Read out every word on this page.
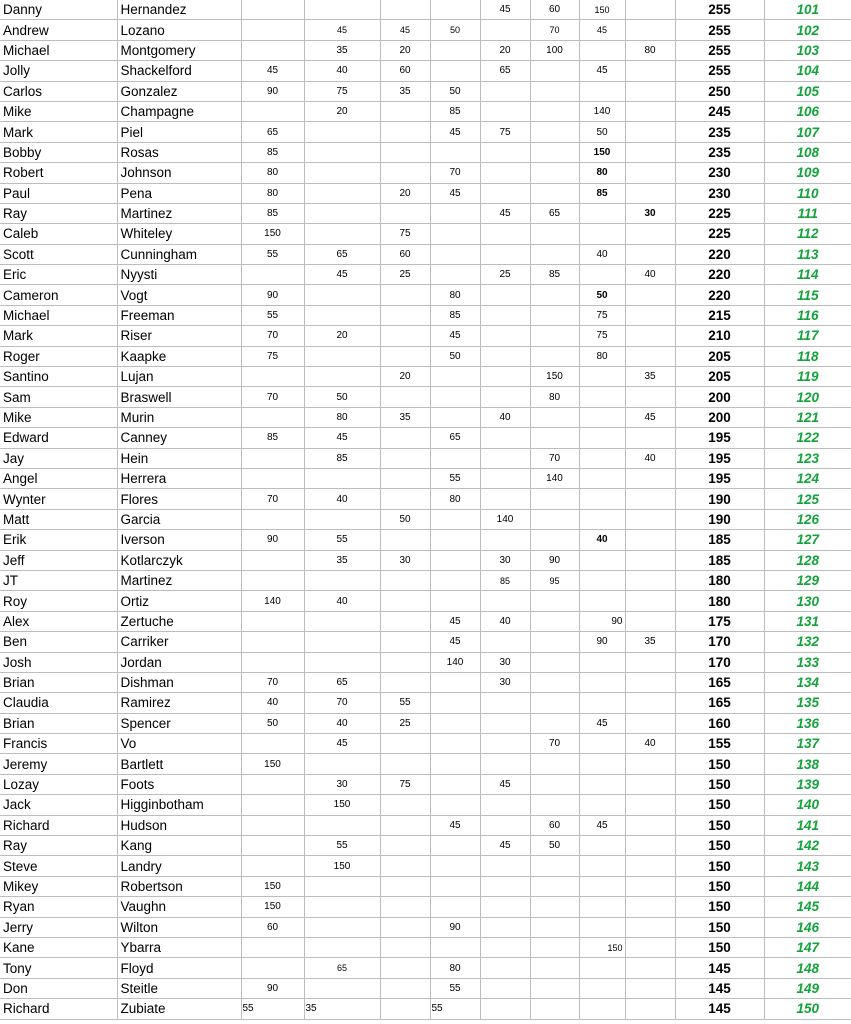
Danny	Hernandez					45	60	150		255	101
Andrew	Lozano		45	45	50		70	45		255	102
Michael	Montgomery		35	20		20	100		80	255	103
Jolly	Shackelford	45	40	60		65		45		255	104
Carlos	Gonzalez	90	75	35	50					250	105
Mike	Champagne		20		85			140		245	106
Mark	Piel	65			45	75		50		235	107
Bobby	Rosas	85						150		235	108
Robert	Johnson	80			70			80		230	109
Paul	Pena	80		20	45			85		230	110
Ray	Martinez	85				45	65		30	225	111
Caleb	Whiteley	150		75						225	112
Scott	Cunningham	55	65	60				40		220	113
Eric	Nyysti		45	25		25	85		40	220	114
Cameron	Vogt	90			80			50		220	115
Michael	Freeman	55			85			75		215	116
Mark	Riser	70	20		45			75		210	117
Roger	Kaapke	75			50			80		205	118
Santino	Lujan			20			150		35	205	119
Sam	Braswell	70	50				80			200	120
Mike	Murin		80	35		40			45	200	121
Edward	Canney	85	45		65					195	122
Jay	Hein		85				70		40	195	123
Angel	Herrera				55		140			195	124
Wynter	Flores	70	40		80					190	125
Matt	Garcia			50		140				190	126
Erik	Iverson	90	55					40		185	127
Jeff	Kotlarczyk		35	30		30	90			185	128
JT	Martinez					85	95			180	129
Roy	Ortiz	140	40							180	130
Alex	Zertuche				45	40		90		175	131
Ben	Carriker				45			90	35	170	132
Josh	Jordan				140	30				170	133
Brian	Dishman	70	65			30				165	134
Claudia	Ramirez	40	70	55						165	135
Brian	Spencer	50	40	25				45		160	136
Francis	Vo		45				70		40	155	137
Jeremy	Bartlett	150								150	138
Lozay	Foots		30	75		45				150	139
Jack	Higginbotham		150							150	140
Richard	Hudson				45		60	45		150	141
Ray	Kang		55			45	50			150	142
Steve	Landry		150							150	143
Mikey	Robertson	150								150	144
Ryan	Vaughn	150								150	145
Jerry	Wilton	60			90					150	146
Kane	Ybarra							150		150	147
Tony	Floyd		65		80					145	148
Don	Steitle	90			55					145	149
Richard	Zubiate	55	35		55					145	150
